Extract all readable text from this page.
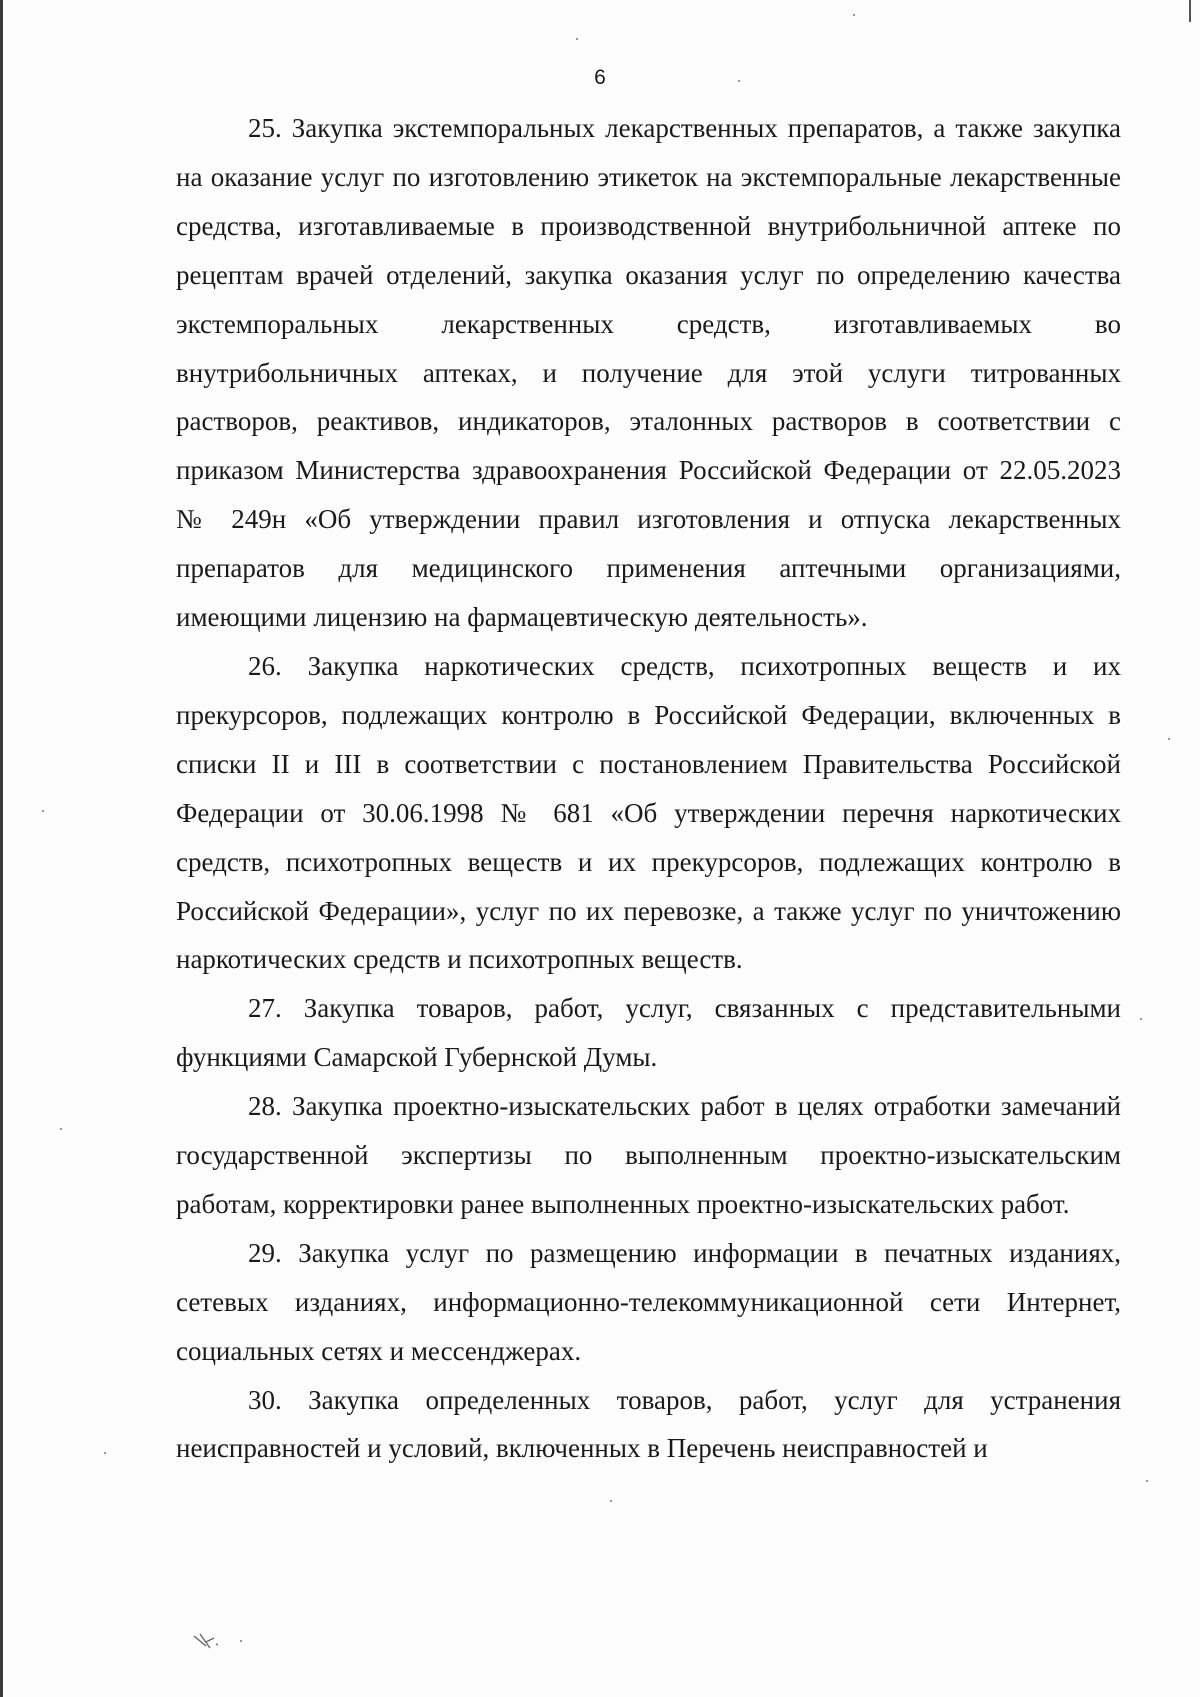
6

25. Закупка экстемпоральных лекарственных препаратов, а также закупка на оказание услуг по изготовлению этикеток на экстемпоральные лекарственные средства, изготавливаемые в производственной внутрибольничной аптеке по рецептам врачей отделений, закупка оказания услуг по определению качества экстемпоральных лекарственных средств, изготавливаемых во внутрибольничных аптеках, и получение для этой услуги титрованных растворов, реактивов, индикаторов, эталонных растворов в соответствии с приказом Министерства здравоохранения Российской Федерации от 22.05.2023 № 249н «Об утверждении правил изготовления и отпуска лекарственных препаратов для медицинского применения аптечными организациями, имеющими лицензию на фармацевтическую деятельность».

26. Закупка наркотических средств, психотропных веществ и их прекурсоров, подлежащих контролю в Российской Федерации, включенных в списки II и III в соответствии с постановлением Правительства Российской Федерации от 30.06.1998 № 681 «Об утверждении перечня наркотических средств, психотропных веществ и их прекурсоров, подлежащих контролю в Российской Федерации», услуг по их перевозке, а также услуг по уничтожению наркотических средств и психотропных веществ.

27. Закупка товаров, работ, услуг, связанных с представительными функциями Самарской Губернской Думы.

28. Закупка проектно-изыскательских работ в целях отработки замечаний государственной экспертизы по выполненным проектно-изыскательским работам, корректировки ранее выполненных проектно-изыскательских работ.

29. Закупка услуг по размещению информации в печатных изданиях, сетевых изданиях, информационно-телекоммуникационной сети Интернет, социальных сетях и мессенджерах.

30. Закупка определенных товаров, работ, услуг для устранения неисправностей и условий, включенных в Перечень неисправностей и
